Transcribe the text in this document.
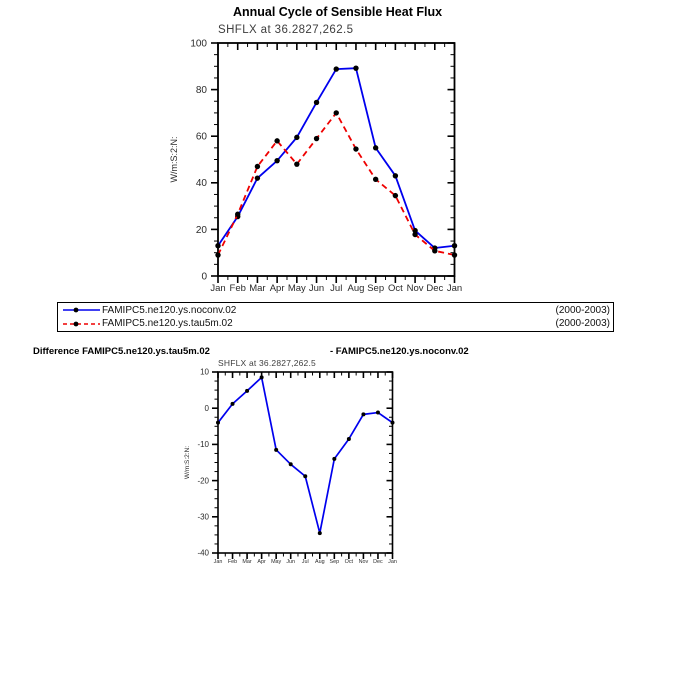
Annual Cycle of Sensible Heat Flux
SHFLX at 36.2827,262.5
0
20
40
60
80
100
Jan Feb Mar Apr May Jun Jul Aug Sep Oct Nov Dec Jan
W/m:S:2:N:
-40
-30
-20
-10
0
10
Jan Feb Mar Apr May Jun Jul Aug Sep Oct Nov Dec Jan
W/m:S:2:N:
FAMIPC5.ne120.ys.noconv.02	(2000-2003)
FAMIPC5.ne120.ys.tau5m.02	(2000-2003)
Difference FAMIPC5.ne120.ys.tau5m.02	- FAMIPC5.ne120.ys.noconv.02
SHFLX at 36.2827,262.5
